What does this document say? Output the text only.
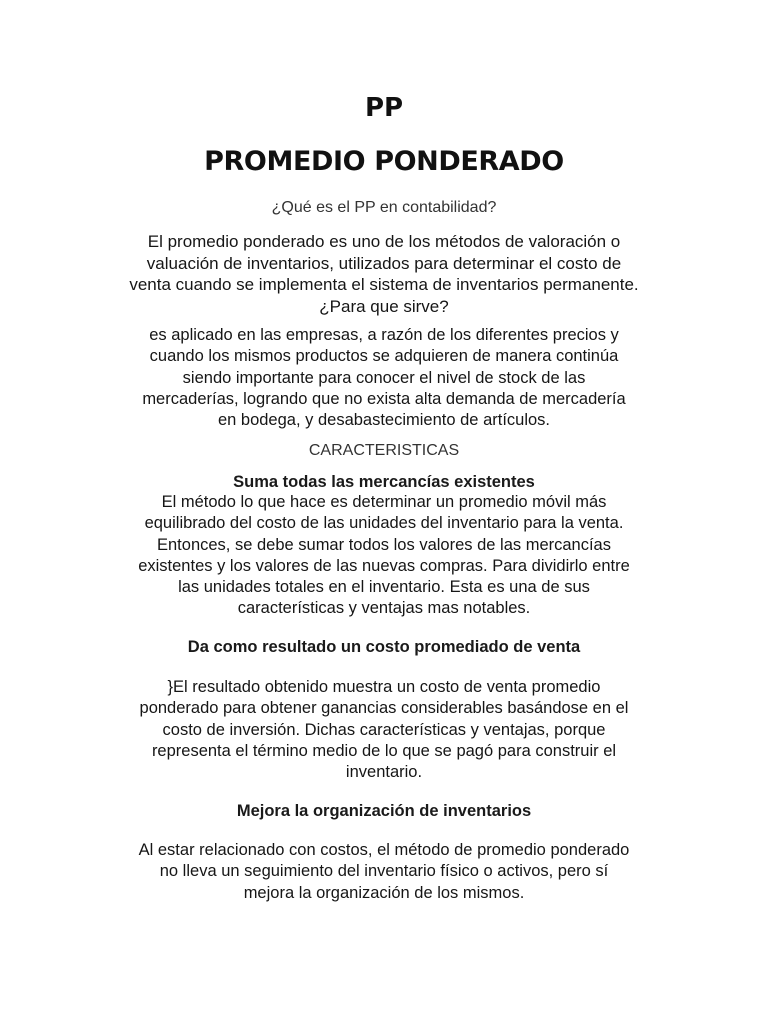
PP
PROMEDIO PONDERADO

¿Qué es el PP en contabilidad?

El promedio ponderado es uno de los métodos de valoración o
valuación de inventarios, utilizados para determinar el costo de
venta cuando se implementa el sistema de inventarios permanente.
¿Para que sirve?
es aplicado en las empresas, a razón de los diferentes precios y
cuando los mismos productos se adquieren de manera continúa
siendo importante para conocer el nivel de stock de las
mercaderías, logrando que no exista alta demanda de mercadería
en bodega, y desabastecimiento de artículos.

CARACTERISTICAS

Suma todas las mercancías existentes

El método lo que hace es determinar un promedio móvil más
equilibrado del costo de las unidades del inventario para la venta.
Entonces, se debe sumar todos los valores de las mercancías
existentes y los valores de las nuevas compras. Para dividirlo entre
las unidades totales en el inventario. Esta es una de sus
características y ventajas mas notables.

Da como resultado un costo promediado de venta

}El resultado obtenido muestra un costo de venta promedio
ponderado para obtener ganancias considerables basándose en el
costo de inversión. Dichas características y ventajas, porque
representa el término medio de lo que se pagó para construir el
inventario.

Mejora la organización de inventarios

Al estar relacionado con costos, el método de promedio ponderado
no lleva un seguimiento del inventario físico o activos, pero sí
mejora la organización de los mismos.
